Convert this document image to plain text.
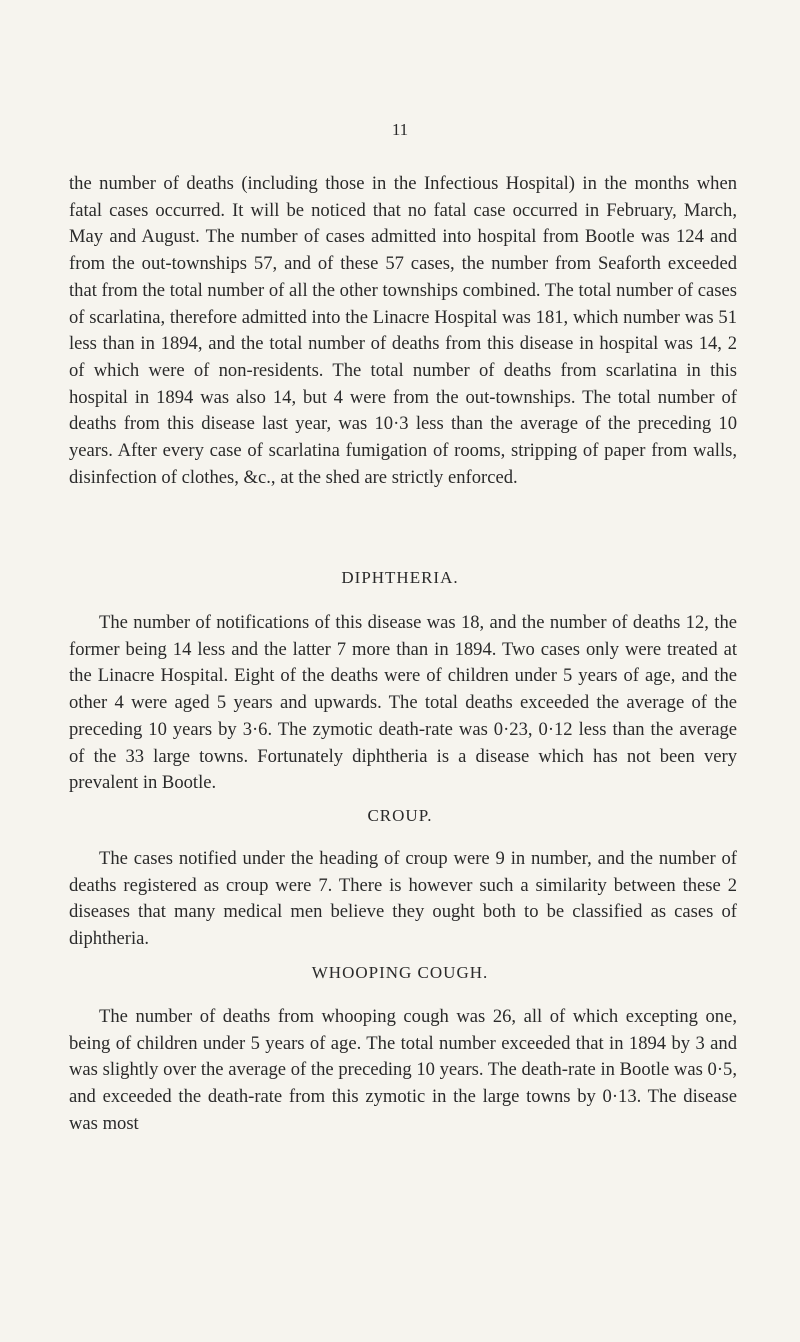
11

the number of deaths (including those in the Infectious Hospital) in the months when fatal cases occurred. It will be noticed that no fatal case occurred in February, March, May and August. The number of cases admitted into hospital from Bootle was 124 and from the out-townships 57, and of these 57 cases, the number from Seaforth exceeded that from the total number of all the other townships combined. The total number of cases of scarlatina, therefore admitted into the Linacre Hospital was 181, which number was 51 less than in 1894, and the total number of deaths from this disease in hospital was 14, 2 of which were of non-residents. The total number of deaths from scarlatina in this hospital in 1894 was also 14, but 4 were from the out-townships. The total number of deaths from this disease last year, was 10·3 less than the average of the preceding 10 years. After every case of scarlatina fumigation of rooms, stripping of paper from walls, disinfection of clothes, &c., at the shed are strictly enforced.

DIPHTHERIA.

The number of notifications of this disease was 18, and the number of deaths 12, the former being 14 less and the latter 7 more than in 1894. Two cases only were treated at the Linacre Hospital. Eight of the deaths were of children under 5 years of age, and the other 4 were aged 5 years and upwards. The total deaths exceeded the average of the preceding 10 years by 3·6. The zymotic death-rate was 0·23, 0·12 less than the average of the 33 large towns. Fortunately diphtheria is a disease which has not been very prevalent in Bootle.

CROUP.

The cases notified under the heading of croup were 9 in number, and the number of deaths registered as croup were 7. There is however such a similarity between these 2 diseases that many medical men believe they ought both to be classified as cases of diphtheria.

WHOOPING COUGH.

The number of deaths from whooping cough was 26, all of which excepting one, being of children under 5 years of age. The total number exceeded that in 1894 by 3 and was slightly over the average of the preceding 10 years. The death-rate in Bootle was 0·5, and exceeded the death-rate from this zymotic in the large towns by 0·13. The disease was most
